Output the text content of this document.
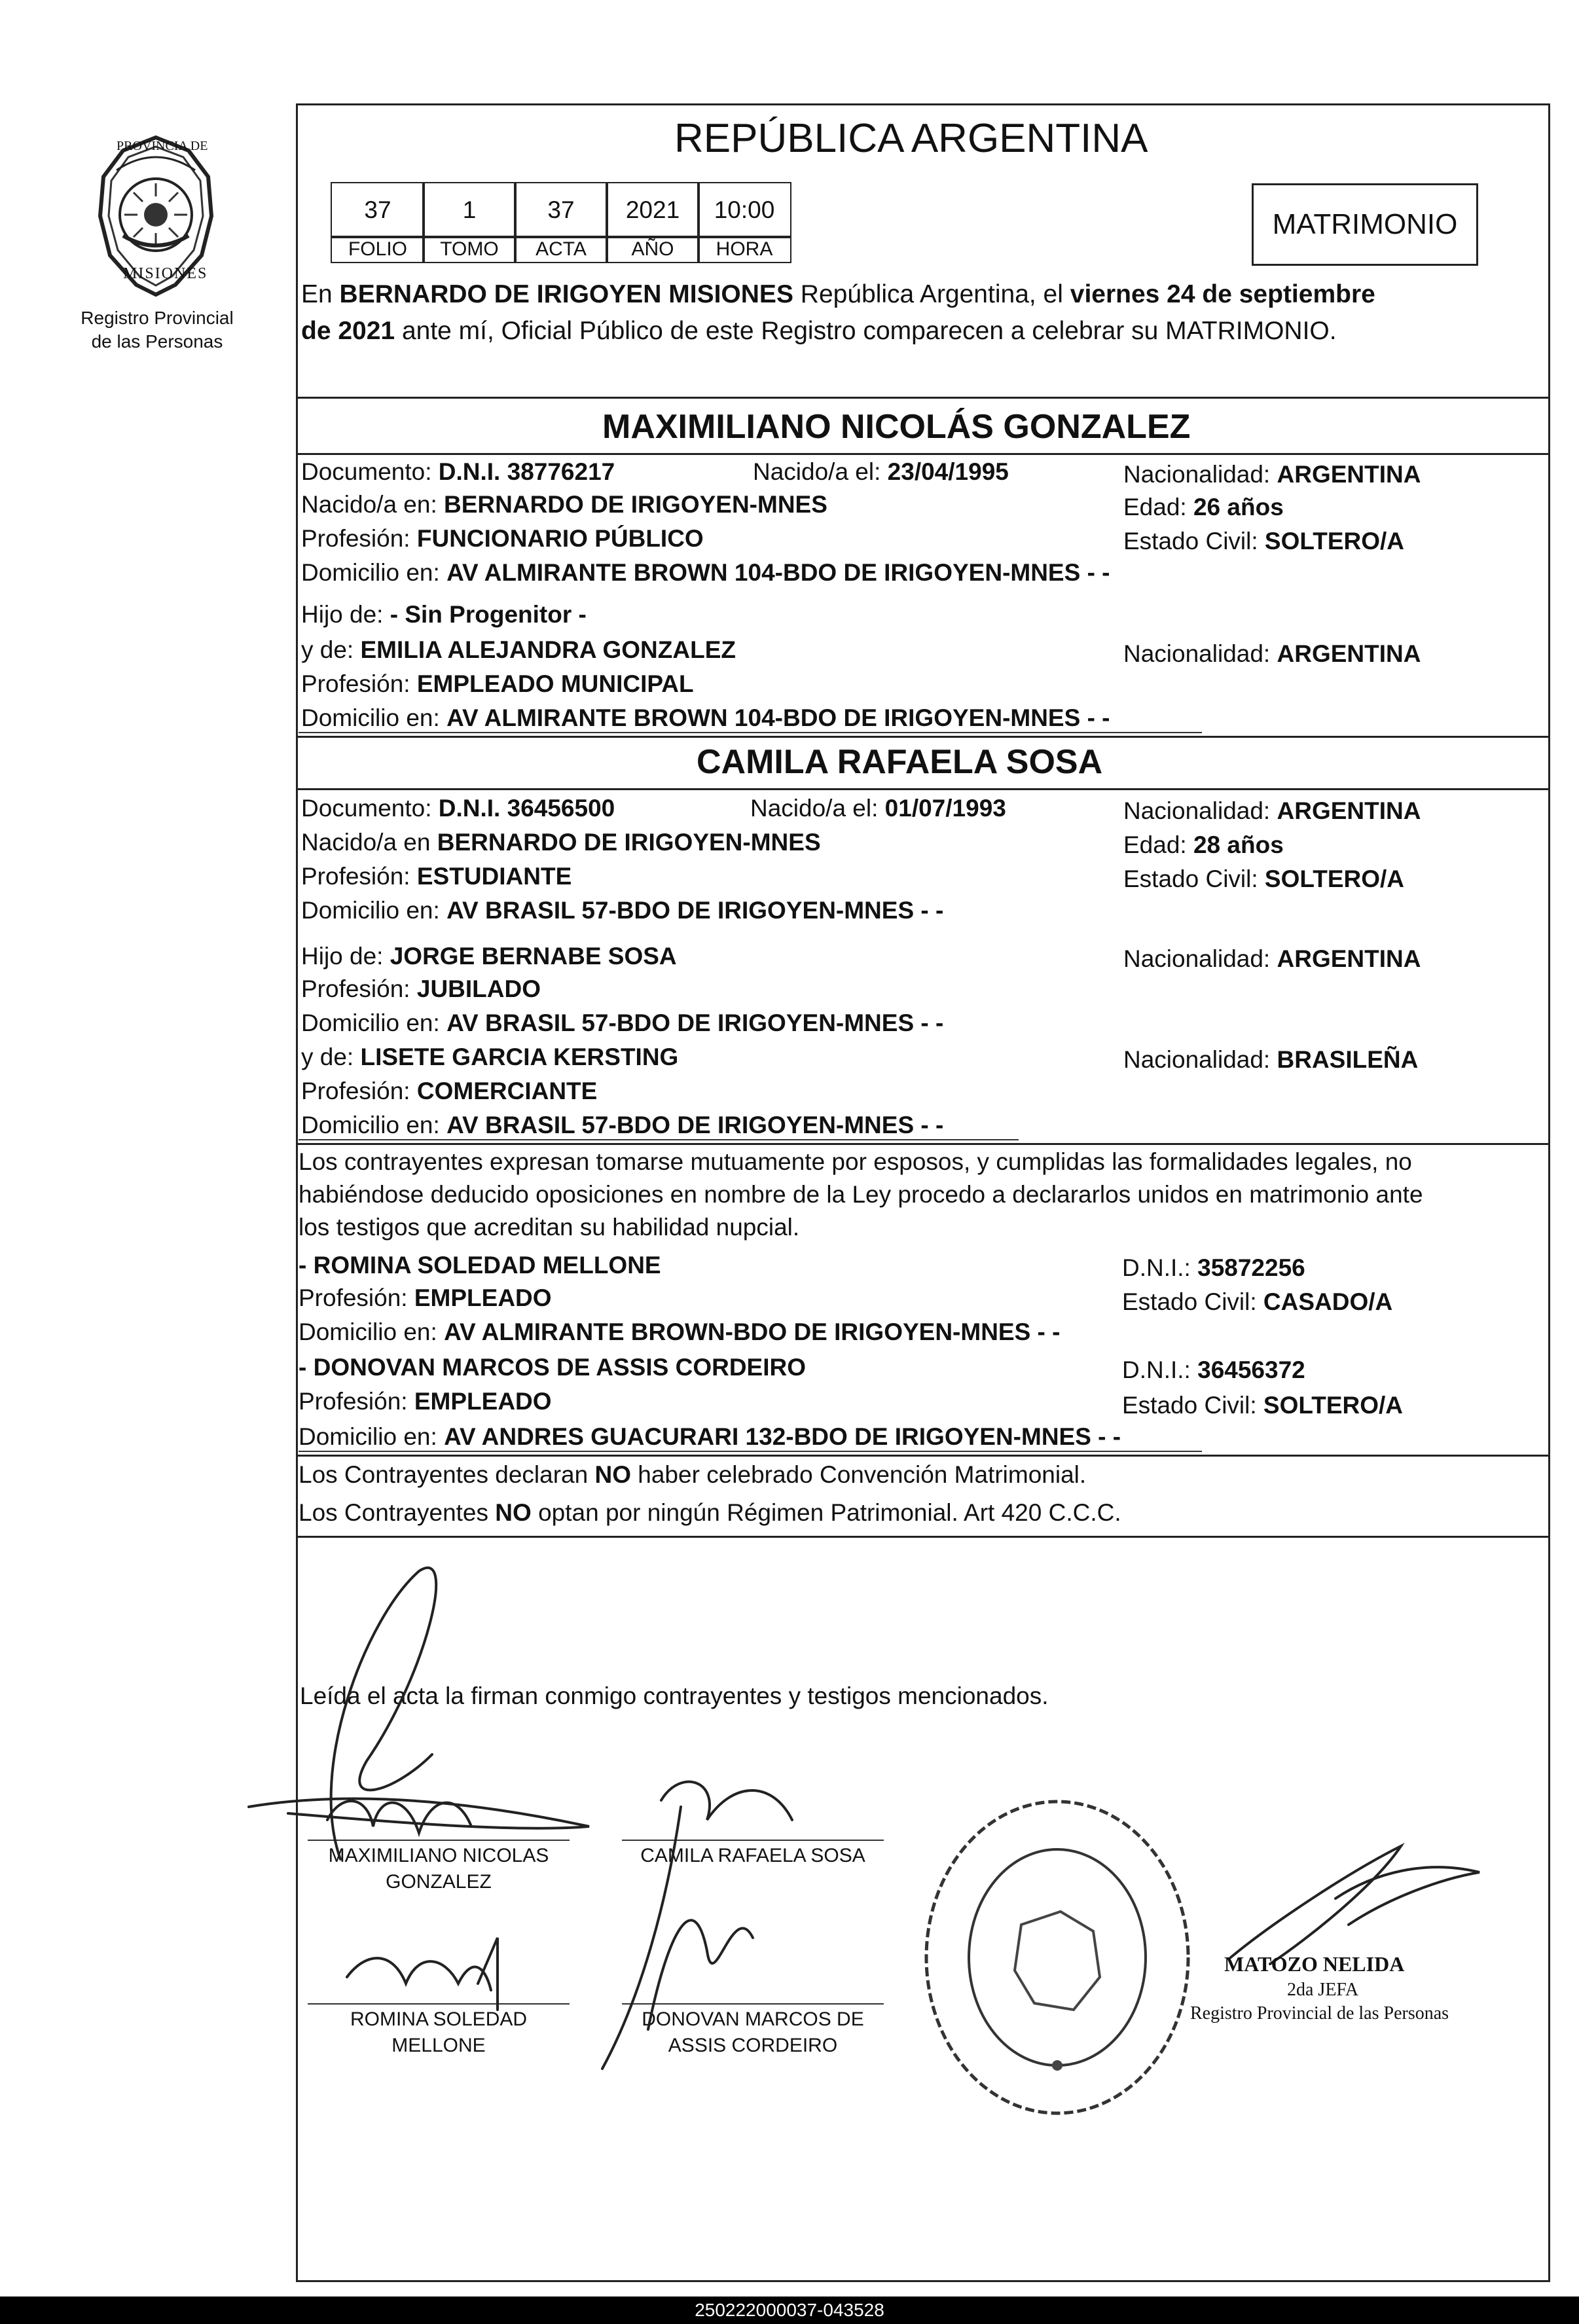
PROVINCIA DE
MISIONES
Registro Provincial
de las Personas
REPÚBLICA ARGENTINA
37	1	37	2021	10:00
FOLIO	TOMO	ACTA	AÑO	HORA
MATRIMONIO
En BERNARDO DE IRIGOYEN MISIONES República Argentina, el viernes 24 de septiembre
de 2021 ante mí, Oficial Público de este Registro comparecen a celebrar su MATRIMONIO.
MAXIMILIANO NICOLÁS GONZALEZ
Documento: D.N.I. 38776217	Nacido/a el: 23/04/1995	Nacionalidad: ARGENTINA
Nacido/a en: BERNARDO DE IRIGOYEN-MNES	Edad: 26 años
Profesión: FUNCIONARIO PÚBLICO	Estado Civil: SOLTERO/A
Domicilio en: AV ALMIRANTE BROWN 104-BDO DE IRIGOYEN-MNES - -
Hijo de: - Sin Progenitor -
y de: EMILIA ALEJANDRA GONZALEZ	Nacionalidad: ARGENTINA
Profesión: EMPLEADO MUNICIPAL
Domicilio en: AV ALMIRANTE BROWN 104-BDO DE IRIGOYEN-MNES - -
CAMILA RAFAELA SOSA
Documento: D.N.I. 36456500	Nacido/a el: 01/07/1993	Nacionalidad: ARGENTINA
Nacido/a en BERNARDO DE IRIGOYEN-MNES	Edad: 28 años
Profesión: ESTUDIANTE	Estado Civil: SOLTERO/A
Domicilio en: AV BRASIL 57-BDO DE IRIGOYEN-MNES - -
Hijo de: JORGE BERNABE SOSA	Nacionalidad: ARGENTINA
Profesión: JUBILADO
Domicilio en: AV BRASIL 57-BDO DE IRIGOYEN-MNES - -
y de: LISETE GARCIA KERSTING	Nacionalidad: BRASILEÑA
Profesión: COMERCIANTE
Domicilio en: AV BRASIL 57-BDO DE IRIGOYEN-MNES - -
Los contrayentes expresan tomarse mutuamente por esposos, y cumplidas las formalidades legales, no
habiéndose deducido oposiciones en nombre de la Ley procedo a declararlos unidos en matrimonio ante
los testigos que acreditan su habilidad nupcial.
- ROMINA SOLEDAD MELLONE	D.N.I.: 35872256
Profesión: EMPLEADO	Estado Civil: CASADO/A
Domicilio en: AV ALMIRANTE BROWN-BDO DE IRIGOYEN-MNES - -
- DONOVAN MARCOS DE ASSIS CORDEIRO	D.N.I.: 36456372
Profesión: EMPLEADO	Estado Civil: SOLTERO/A
Domicilio en: AV ANDRES GUACURARI 132-BDO DE IRIGOYEN-MNES - -
Los Contrayentes declaran NO haber celebrado Convención Matrimonial.
Los Contrayentes NO optan por ningún Régimen Patrimonial. Art 420 C.C.C.
Leída el acta la firman conmigo contrayentes y testigos mencionados.
MAXIMILIANO NICOLAS
GONZALEZ
CAMILA RAFAELA SOSA
ROMINA SOLEDAD
MELLONE
DONOVAN MARCOS DE
ASSIS CORDEIRO
MATOZO NELIDA
2da JEFA
Registro Provincial de las Personas
250222000037-043528
